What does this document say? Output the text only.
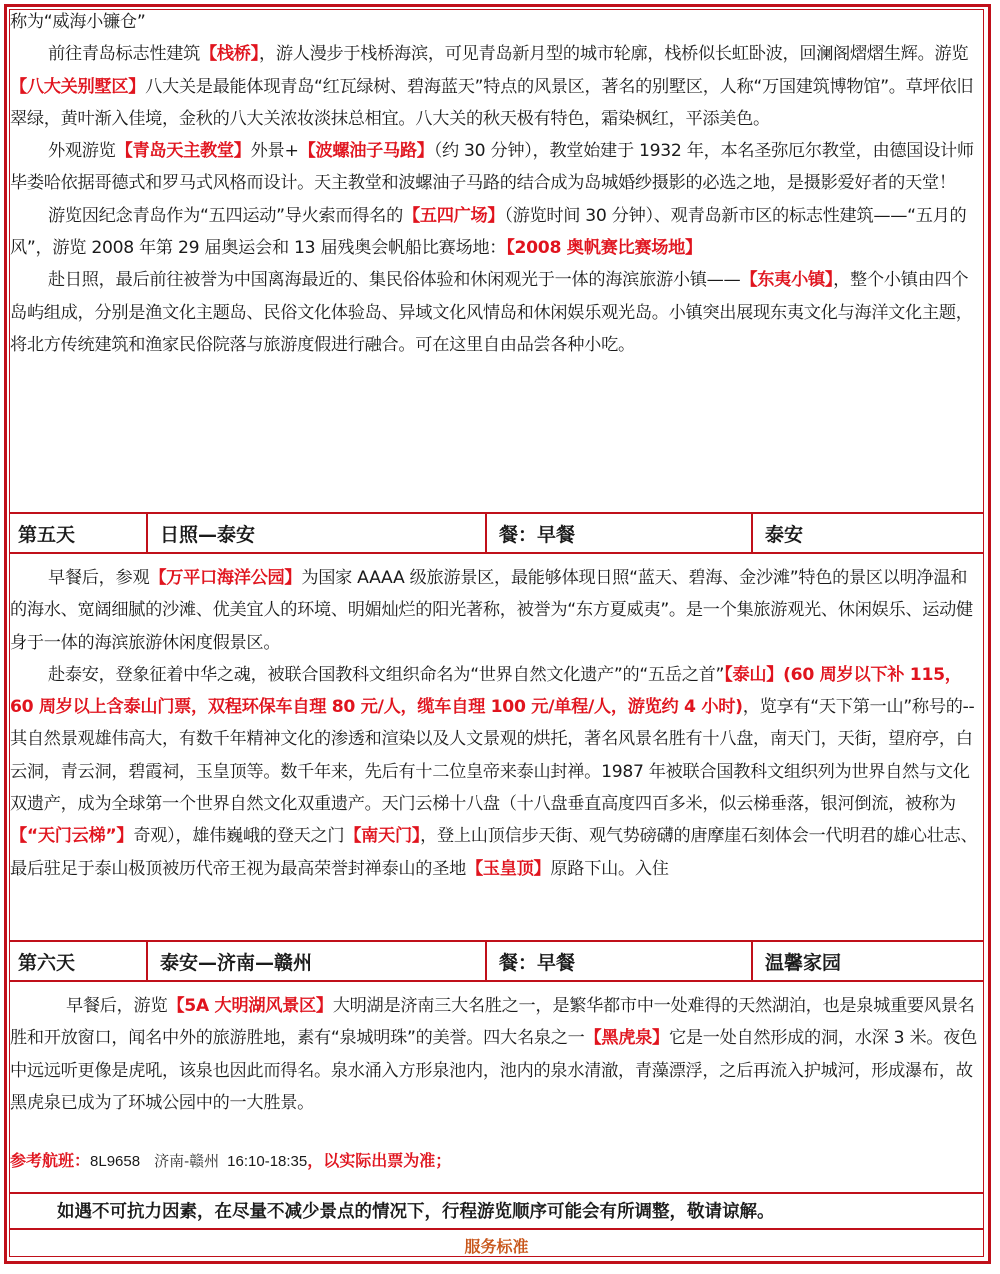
称为“威海小镰仓”

前往青岛标志性建筑【栈桥】，游人漫步于栈桥海滨，可见青岛新月型的城市轮廓，栈桥似长虹卧波，回澜阁熠熠生辉。游览【八大关别墅区】八大关是最能体现青岛“红瓦绿树、碧海蓝天”特点的风景区，著名的别墅区，人称“万国建筑博物馆”。草坪依旧翠绿，黄叶渐入佳境，金秋的八大关浓妆淡抹总相宜。八大关的秋天极有特色，霜染枫红，平添美色。

外观游览【青岛天主教堂】外景+【波螺油子马路】（约 30 分钟），教堂始建于 1932 年，本名圣弥厄尔教堂，由德国设计师毕娄哈依据哥德式和罗马式风格而设计。天主教堂和波螺油子马路的结合成为岛城婚纱摄影的必选之地，是摄影爱好者的天堂！

游览因纪念青岛作为“五四运动”导火索而得名的【五四广场】（游览时间 30 分钟）、观青岛新市区的标志性建筑——“五月的风”，游览 2008 年第 29 届奥运会和 13 届残奥会帆船比赛场地：【2008 奥帆赛比赛场地】

赴日照，最后前往被誉为中国离海最近的、集民俗体验和休闲观光于一体的海滨旅游小镇——【东夷小镇】，整个小镇由四个岛屿组成，分别是渔文化主题岛、民俗文化体验岛、异域文化风情岛和休闲娱乐观光岛。小镇突出展现东夷文化与海洋文化主题，将北方传统建筑和渔家民俗院落与旅游度假进行融合。可在这里自由品尝各种小吃。

第五天	日照—泰安	餐：早餐	泰安

早餐后，参观【万平口海洋公园】为国家 AAAA 级旅游景区，最能够体现日照“蓝天、碧海、金沙滩”特色的景区以明净温和的海水、宽阔细腻的沙滩、优美宜人的环境、明媚灿烂的阳光著称，被誉为“东方夏威夷”。是一个集旅游观光、休闲娱乐、运动健身于一体的海滨旅游休闲度假景区。

赴泰安，登象征着中华之魂，被联合国教科文组织命名为“世界自然文化遗产”的“五岳之首”【泰山】(60 周岁以下补 115，60 周岁以上含泰山门票，双程环保车自理 80 元/人，缆车自理 100 元/单程/人，游览约 4 小时)，览享有“天下第一山”称号的--其自然景观雄伟高大，有数千年精神文化的渗透和渲染以及人文景观的烘托，著名风景名胜有十八盘，南天门，天街，望府亭，白云洞，青云洞，碧霞祠，玉皇顶等。数千年来，先后有十二位皇帝来泰山封禅。1987 年被联合国教科文组织列为世界自然与文化双遗产，成为全球第一个世界自然文化双重遗产。天门云梯十八盘（十八盘垂直高度四百多米，似云梯垂落，银河倒流，被称为【“天门云梯”】奇观），雄伟巍峨的登天之门【南天门】，登上山顶信步天街、观气势磅礴的唐摩崖石刻体会一代明君的雄心壮志、最后驻足于泰山极顶被历代帝王视为最高荣誉封禅泰山的圣地【玉皇顶】原路下山。入住

第六天	泰安—济南—赣州	餐：早餐	温馨家园

早餐后，游览【5A 大明湖风景区】大明湖是济南三大名胜之一，是繁华都市中一处难得的天然湖泊，也是泉城重要风景名胜和开放窗口，闻名中外的旅游胜地，素有“泉城明珠”的美誉。四大名泉之一【黑虎泉】它是一处自然形成的洞，水深 3 米。夜色中远远听更像是虎吼，该泉也因此而得名。泉水涌入方形泉池内，池内的泉水清澈，青藻漂浮，之后再流入护城河，形成瀑布，故黑虎泉已成为了环城公园中的一大胜景。

参考航班：8L9658 济南-赣州 16:10-18:35，以实际出票为准；
如遇不可抗力因素，在尽量不减少景点的情况下，行程游览顺序可能会有所调整，敬请谅解。
服务标准
